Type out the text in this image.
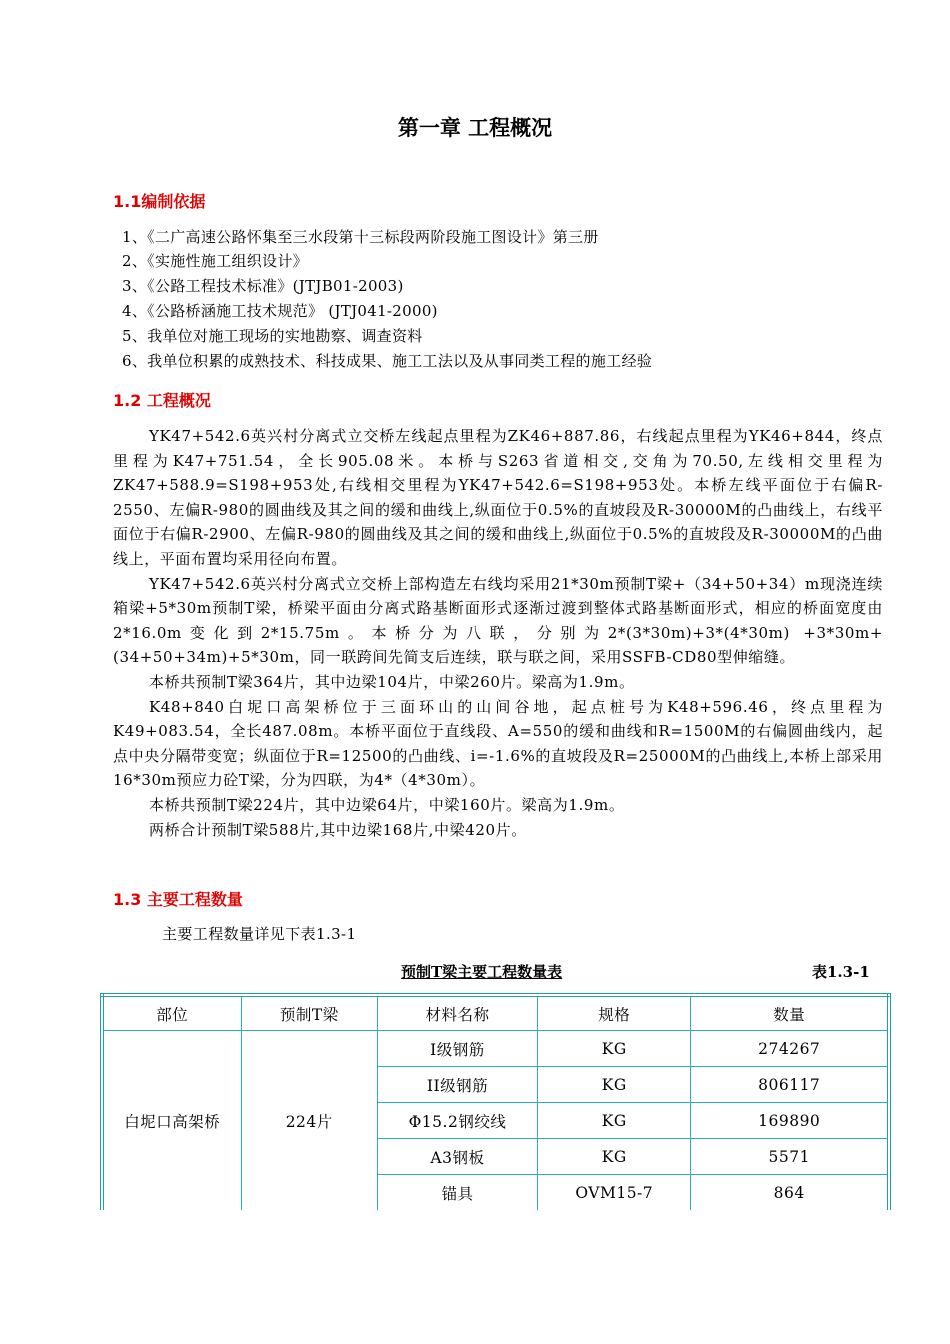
第一章 工程概况
1.1编制依据
1、《二广高速公路怀集至三水段第十三标段两阶段施工图设计》第三册
2、《实施性施工组织设计》
3、《公路工程技术标准》(JTJB01-2003)
4、《公路桥涵施工技术规范》 (JTJ041-2000)
5、我单位对施工现场的实地勘察、调查资料
6、我单位积累的成熟技术、科技成果、施工工法以及从事同类工程的施工经验
1.2 工程概况

YK47+542.6英兴村分离式立交桥左线起点里程为ZK46+887.86，右线起点里程为YK46+844，终点里程为K47+751.54，全长905.08米。本桥与S263省道相交,交角为70.50,左线相交里程为ZK47+588.9=S198+953处,右线相交里程为YK47+542.6=S198+953处。本桥左线平面位于右偏R-2550、左偏R-980的圆曲线及其之间的缓和曲线上,纵面位于0.5%的直坡段及R-30000M的凸曲线上，右线平面位于右偏R-2900、左偏R-980的圆曲线及其之间的缓和曲线上,纵面位于0.5%的直坡段及R-30000M的凸曲线上，平面布置均采用径向布置。

YK47+542.6英兴村分离式立交桥上部构造左右线均采用21*30m预制T梁+（34+50+34）m现浇连续箱梁+5*30m预制T梁，桥梁平面由分离式路基断面形式逐渐过渡到整体式路基断面形式，相应的桥面宽度由2*16.0m变化到2*15.75m。本桥分为八联，分别为2*(3*30m)+3*(4*30m) +3*30m+(34+50+34m)+5*30m，同一联跨间先简支后连续，联与联之间，采用SSFB-CD80型伸缩缝。

本桥共预制T梁364片，其中边梁104片，中梁260片。梁高为1.9m。

K48+840白坭口高架桥位于三面环山的山间谷地，起点桩号为K48+596.46，终点里程为K49+083.54，全长487.08m。本桥平面位于直线段、A=550的缓和曲线和R=1500M的右偏圆曲线内，起点中央分隔带变宽；纵面位于R=12500的凸曲线、i=-1.6%的直坡段及R=25000M的凸曲线上,本桥上部采用16*30m预应力砼T梁，分为四联，为4*（4*30m）。

本桥共预制T梁224片，其中边梁64片，中梁160片。梁高为1.9m。

两桥合计预制T梁588片,其中边梁168片,中梁420片。

1.3 主要工程数量
主要工程数量详见下表1.3-1
预制T梁主要工程数量表	表1.3-1
部位	预制T梁	材料名称	规格	数量
白坭口高架桥	224片	I级钢筋	KG	274267
		II级钢筋	KG	806117
		Φ15.2钢绞线	KG	169890
		A3钢板	KG	5571
		锚具	OVM15-7	864
